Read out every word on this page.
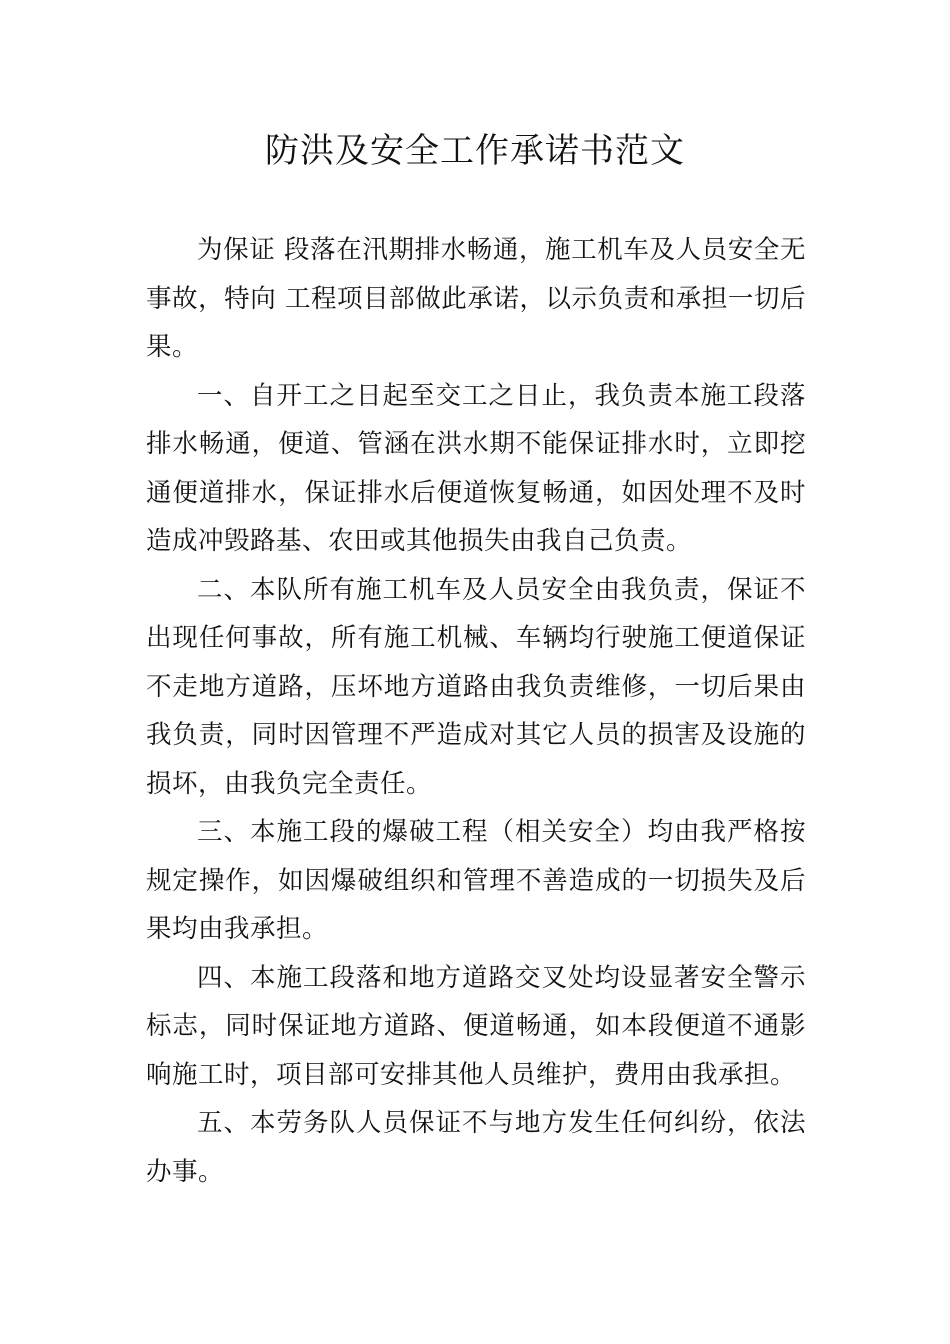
防洪及安全工作承诺书范文

为保证 段落在汛期排水畅通，施工机车及人员安全无事故，特向 工程项目部做此承诺，以示负责和承担一切后果。

一、自开工之日起至交工之日止，我负责本施工段落排水畅通，便道、管涵在洪水期不能保证排水时，立即挖通便道排水，保证排水后便道恢复畅通，如因处理不及时造成冲毁路基、农田或其他损失由我自己负责。

二、本队所有施工机车及人员安全由我负责，保证不出现任何事故，所有施工机械、车辆均行驶施工便道保证不走地方道路，压坏地方道路由我负责维修，一切后果由我负责，同时因管理不严造成对其它人员的损害及设施的损坏，由我负完全责任。

三、本施工段的爆破工程（相关安全）均由我严格按规定操作，如因爆破组织和管理不善造成的一切损失及后果均由我承担。

四、本施工段落和地方道路交叉处均设显著安全警示标志，同时保证地方道路、便道畅通，如本段便道不通影响施工时，项目部可安排其他人员维护，费用由我承担。

五、本劳务队人员保证不与地方发生任何纠纷，依法办事。
